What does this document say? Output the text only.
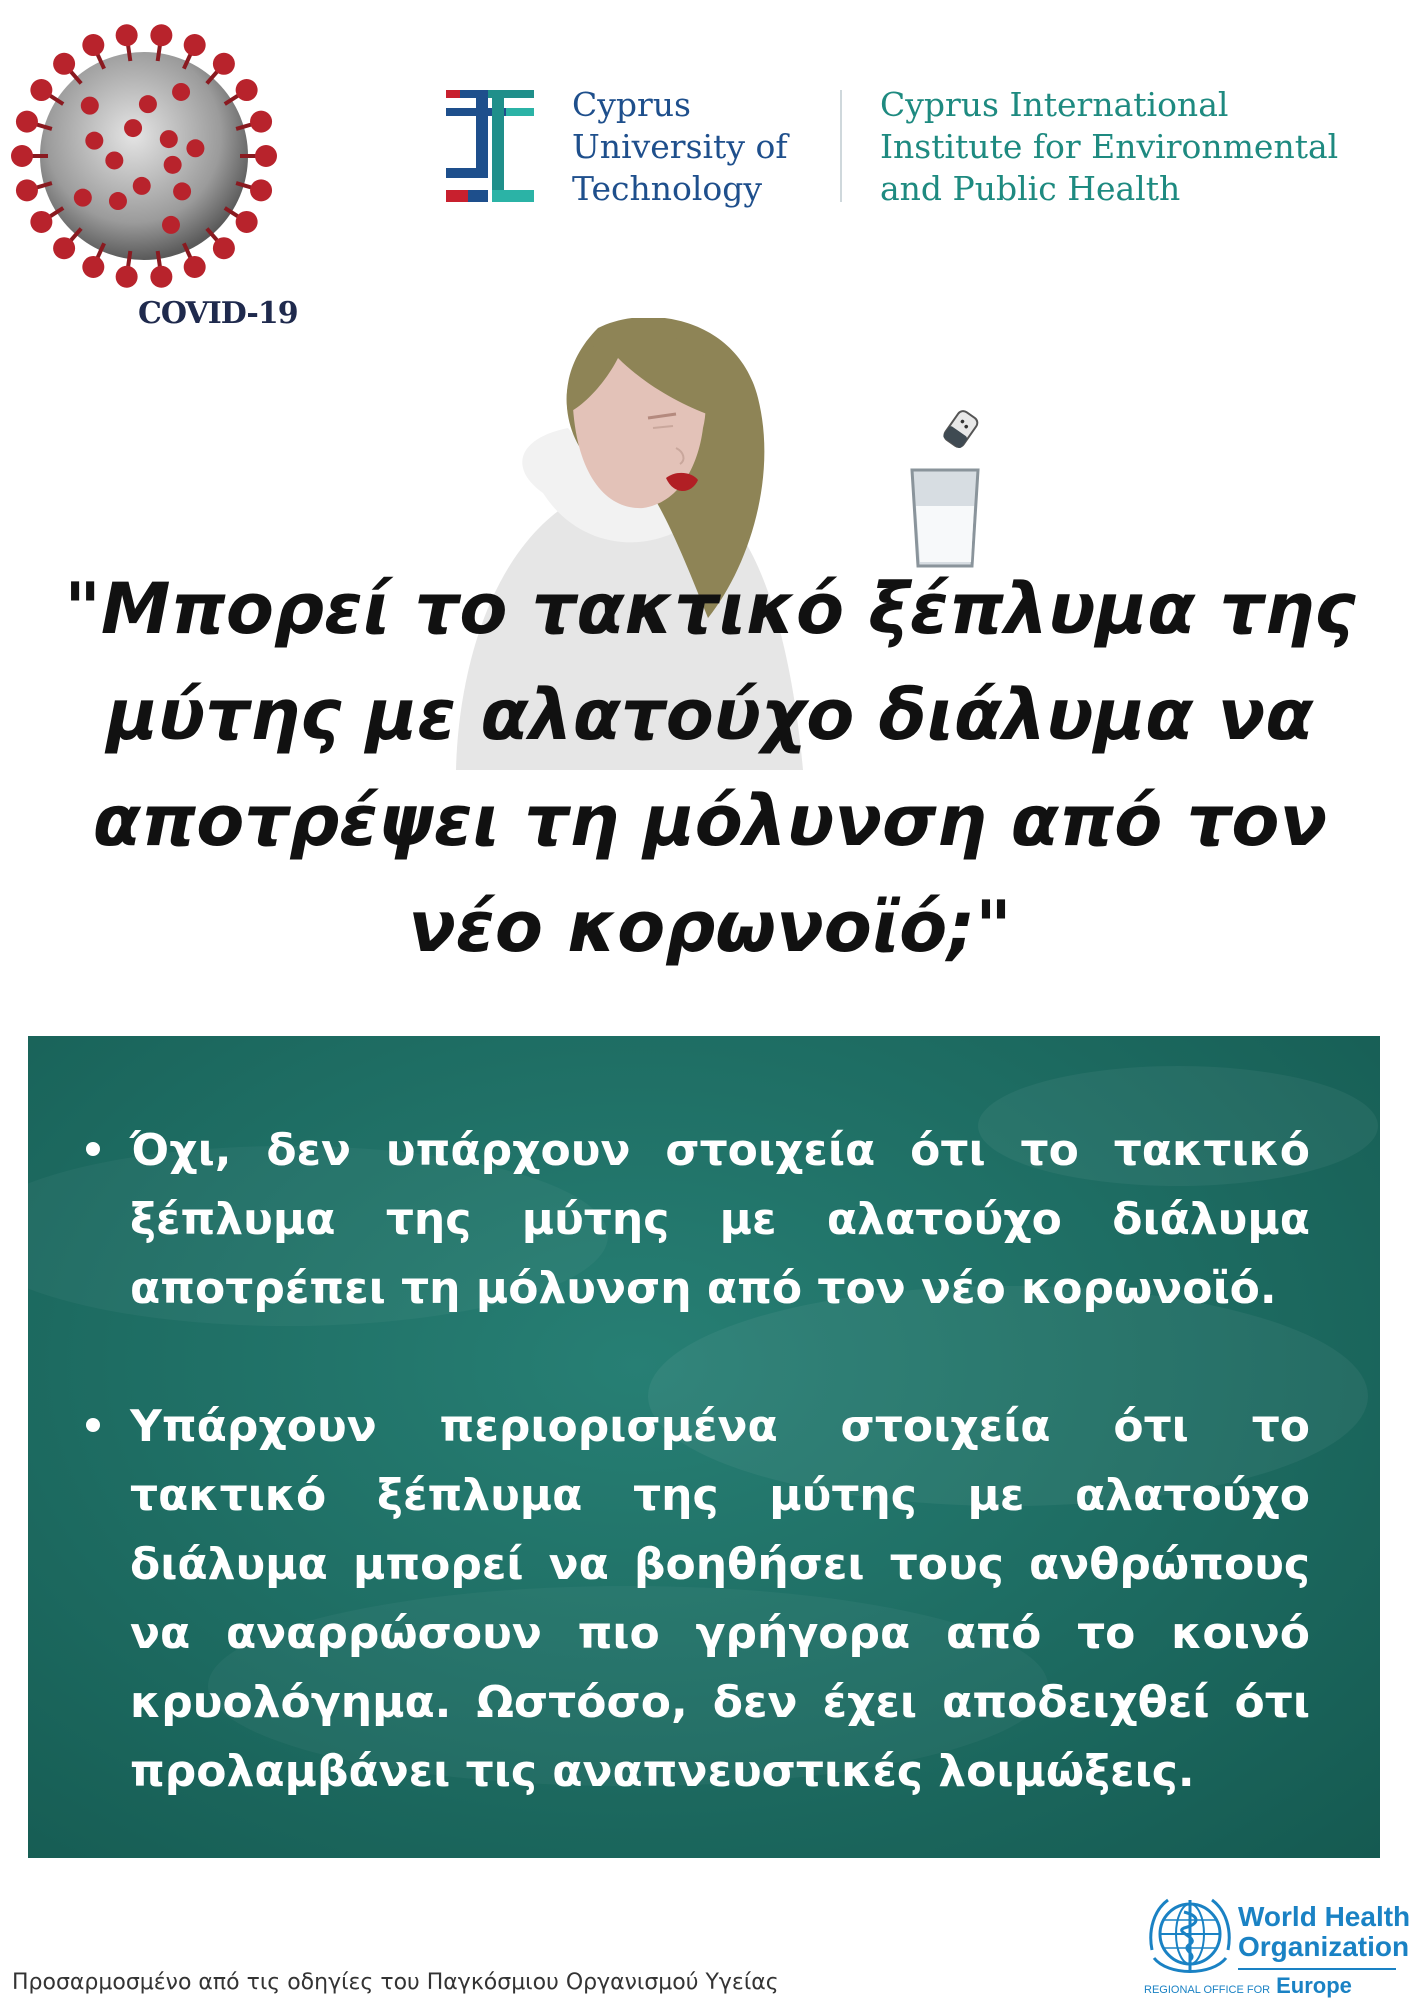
COVID-19
Cyprus
University of
Technology
Cyprus International
Institute for Environmental
and Public Health
"Μπορεί το τακτικό ξέπλυμα της μύτης με αλατούχο διάλυμα να αποτρέψει τη μόλυνση από τον νέο κορωνοϊό;"
Όχι, δεν υπάρχουν στοιχεία ότι το τακτικό ξέπλυμα της μύτης με αλατούχο διάλυμα αποτρέπει τη μόλυνση από τον νέο κορωνοϊό.
Υπάρχουν περιορισμένα στοιχεία ότι το τακτικό ξέπλυμα της μύτης με αλατούχο διάλυμα μπορεί να βοηθήσει τους ανθρώπους να αναρρώσουν πιο γρήγορα από το κοινό κρυολόγημα. Ωστόσο, δεν έχει αποδειχθεί ότι προλαμβάνει τις αναπνευστικές λοιμώξεις.
Προσαρμοσμένο από τις οδηγίες του Παγκόσμιου Οργανισμού Υγείας
World Health
Organization
REGIONAL OFFICE FOR Europe
